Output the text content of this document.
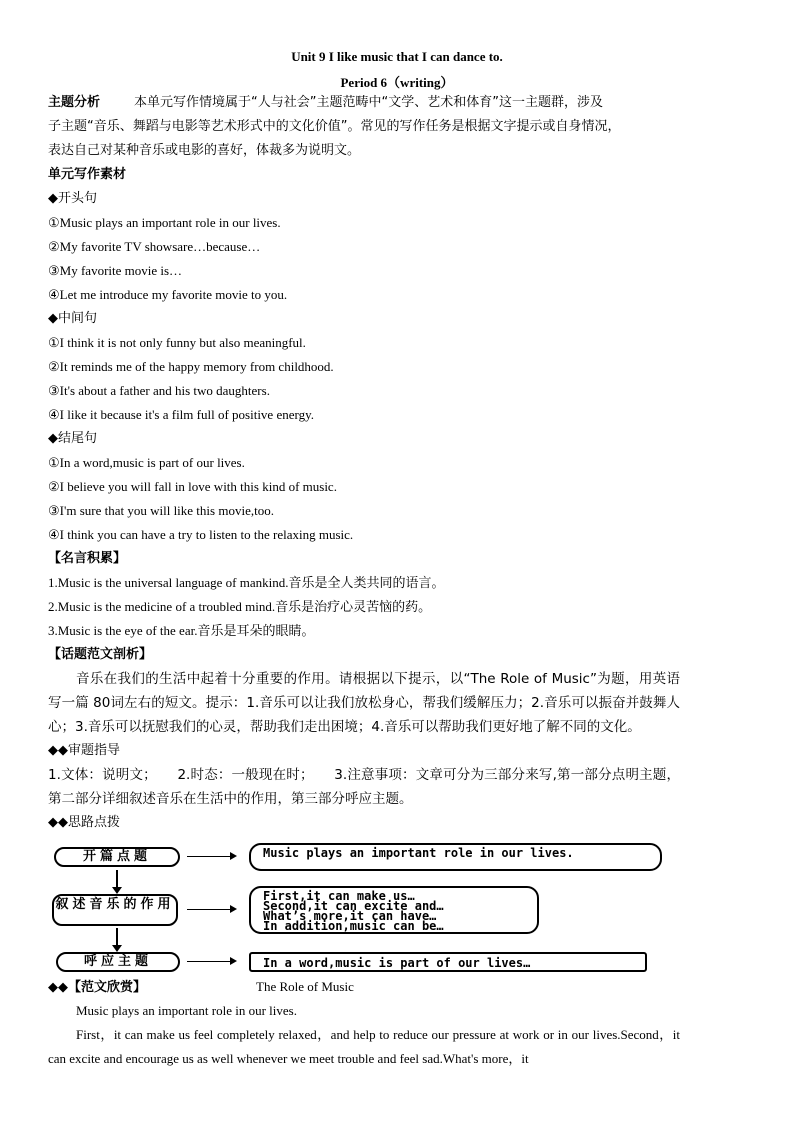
Unit 9 I like music that I can dance to.
Period 6（writing）
主题分析	本单元写作情境属于“人与社会”主题范畴中“文学、艺术和体育”这一主题群，涉及
子主题“音乐、舞蹈与电影等艺术形式中的文化价值”。常见的写作任务是根据文字提示或自身情况，
表达自己对某种音乐或电影的喜好，体裁多为说明文。
单元写作素材
◆开头句
①Music plays an important role in our lives.
②My favorite TV showsare…because…
③My favorite movie is…
④Let me introduce my favorite movie to you.
◆中间句
①I think it is not only funny but also meaningful.
②It reminds me of the happy memory from childhood.
③It's about a father and his two daughters.
④I like it because it's a film full of positive energy.
◆结尾句
①In a word,music is part of our lives.
②I believe you will fall in love with this kind of music.
③I'm sure that you will like this movie,too.
④I think you can have a try to listen to the relaxing music.
【名言积累】
1.Music is the universal language of mankind.音乐是全人类共同的语言。
2.Music is the medicine of a troubled mind.音乐是治疗心灵苦恼的药。
3.Music is the eye of the ear.音乐是耳朵的眼睛。
【话题范文剖析】
音乐在我们的生活中起着十分重要的作用。请根据以下提示，以“The Role of Music”为题，用英语写一篇 80词左右的短文。提示：1.音乐可以让我们放松身心，帮我们缓解压力；2.音乐可以振奋并鼓舞人心；3.音乐可以抚慰我们的心灵，帮助我们走出困境；4.音乐可以帮助我们更好地了解不同的文化。
◆◆审题指导
1.文体：说明文；　　2.时态：一般现在时；　　3.注意事项：文章可分为三部分来写,第一部分点明主题，第二部分详细叙述音乐在生活中的作用，第三部分呼应主题。
◆◆思路点拨
开篇点题	Music plays an important role in our lives.
叙述音乐的作用
First,it can make us…
Second,it can excite and…
What’s more,it can have…
In addition,music can be…
呼应主题	In a word,music is part of our lives…
◆◆【范文欣赏】	The Role of Music
Music plays an important role in our lives.
First，it can make us feel completely relaxed，and help to reduce our pressure at work or in our lives.Second，it can excite and encourage us as well whenever we meet trouble and feel sad.What's more，it
